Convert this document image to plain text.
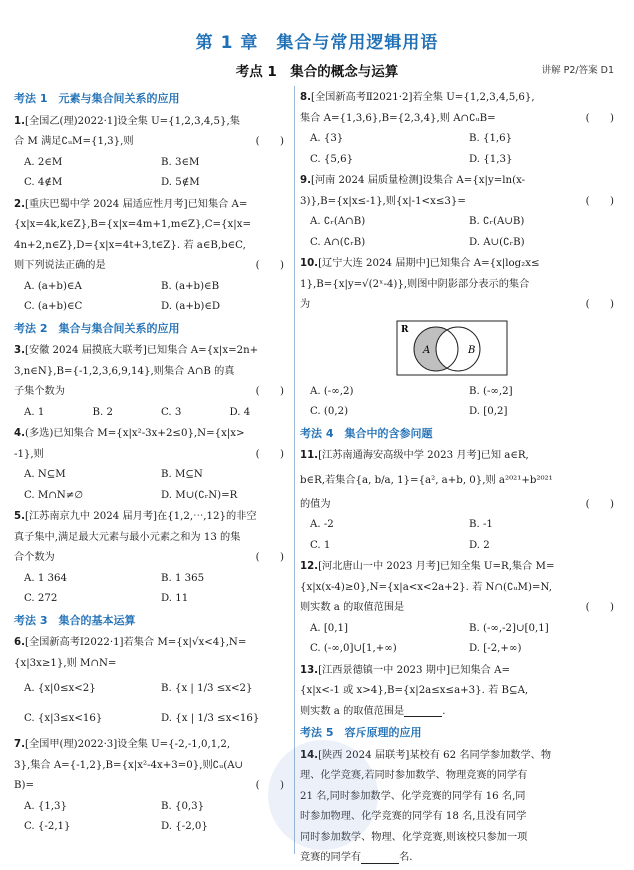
第 1 章　集合与常用逻辑用语
考点 1　集合的概念与运算	讲解 P2/答案 D1
考法 1　元素与集合间关系的应用
1.[全国乙(理)2022·1]设全集 U={1,2,3,4,5},集
合 M 满足∁ᵤM={1,3},则	(　　)
A. 2∈M	B. 3∈M
C. 4∉M	D. 5∉M
2.[重庆巴蜀中学 2024 届适应性月考]已知集合 A=
{x|x=4k,k∈Z},B={x|x=4m+1,m∈Z},C={x|x=
4n+2,n∈Z},D={x|x=4t+3,t∈Z}. 若 a∈B,b∈C,
则下列说法正确的是	(　　)
A. (a+b)∈A	B. (a+b)∈B
C. (a+b)∈C	D. (a+b)∈D
考法 2　集合与集合间关系的应用
3.[安徽 2024 届摸底大联考]已知集合 A={x|x=2n+
3,n∈N},B={-1,2,3,6,9,14},则集合 A∩B 的真
子集个数为	(　　)
A. 1	B. 2	C. 3	D. 4
4.(多选)已知集合 M={x|x²-3x+2≤0},N={x|x>
-1},则	(　　)
A. N⊆M	B. M⊆N
C. M∩N≠∅	D. M∪(∁ᵣN)=R
5.[江苏南京九中 2024 届月考]在{1,2,⋯,12}的非空
真子集中,满足最大元素与最小元素之和为 13 的集
合个数为	(　　)
A. 1 364	B. 1 365
C. 272	D. 11
考法 3　集合的基本运算
6.[全国新高考Ⅰ2022·1]若集合 M={x|√x<4},N=
{x|3x≥1},则 M∩N=
A. {x|0≤x<2}	B. {x | 1/3 ≤x<2}
C. {x|3≤x<16}	D. {x | 1/3 ≤x<16}
7.[全国甲(理)2022·3]设全集 U={-2,-1,0,1,2,
3},集合 A={-1,2},B={x|x²-4x+3=0},则∁ᵤ(A∪
B)=	(　　)
A. {1,3}	B. {0,3}
C. {-2,1}	D. {-2,0}
8.[全国新高考Ⅱ2021·2]若全集 U={1,2,3,4,5,6},
集合 A={1,3,6},B={2,3,4},则 A∩∁ᵤB=	(　　)
A. {3}	B. {1,6}
C. {5,6}	D. {1,3}
9.[河南 2024 届质量检测]设集合 A={x|y=ln(x-
3)},B={x|x≤-1},则{x|-1<x≤3}=	(　　)
A. ∁ᵣ(A∩B)	B. ∁ᵣ(A∪B)
C. A∩(∁ᵣB)	D. A∪(∁ᵣB)
10.[辽宁大连 2024 届期中]已知集合 A={x|log₂x≤
1},B={x|y=√(2ˣ-4)},则图中阴影部分表示的集合
为	(　　)
R
A	B
A. (-∞,2)	B. (-∞,2]
C. (0,2)	D. [0,2]
考法 4　集合中的含参问题
11.[江苏南通海安高级中学 2023 月考]已知 a∈R,
b∈R,若集合{a, b/a, 1}={a², a+b, 0},则 a²⁰²¹+b²⁰²¹
的值为	(　　)
A. -2	B. -1
C. 1	D. 2
12.[河北唐山一中 2023 月考]已知全集 U=R,集合 M=
{x|x(x-4)≥0},N={x|a<x<2a+2}. 若 N∩(∁ᵤM)=N,
则实数 a 的取值范围是	(　　)
A. [0,1]	B. (-∞,-2]∪[0,1]
C. (-∞,0]∪[1,+∞)	D. [-2,+∞)
13.[江西景德镇一中 2023 期中]已知集合 A=
{x|x<-1 或 x>4},B={x|2a≤x≤a+3}. 若 B⊆A,
则实数 a 的取值范围是	.
考法 5　容斥原理的应用
14.[陕西 2024 届联考]某校有 62 名同学参加数学、物
理、化学竞赛,若同时参加数学、物理竞赛的同学有
21 名,同时参加数学、化学竞赛的同学有 16 名,同
时参加物理、化学竞赛的同学有 18 名,且没有同学
同时参加数学、物理、化学竞赛,则该校只参加一项
竞赛的同学有	名.
